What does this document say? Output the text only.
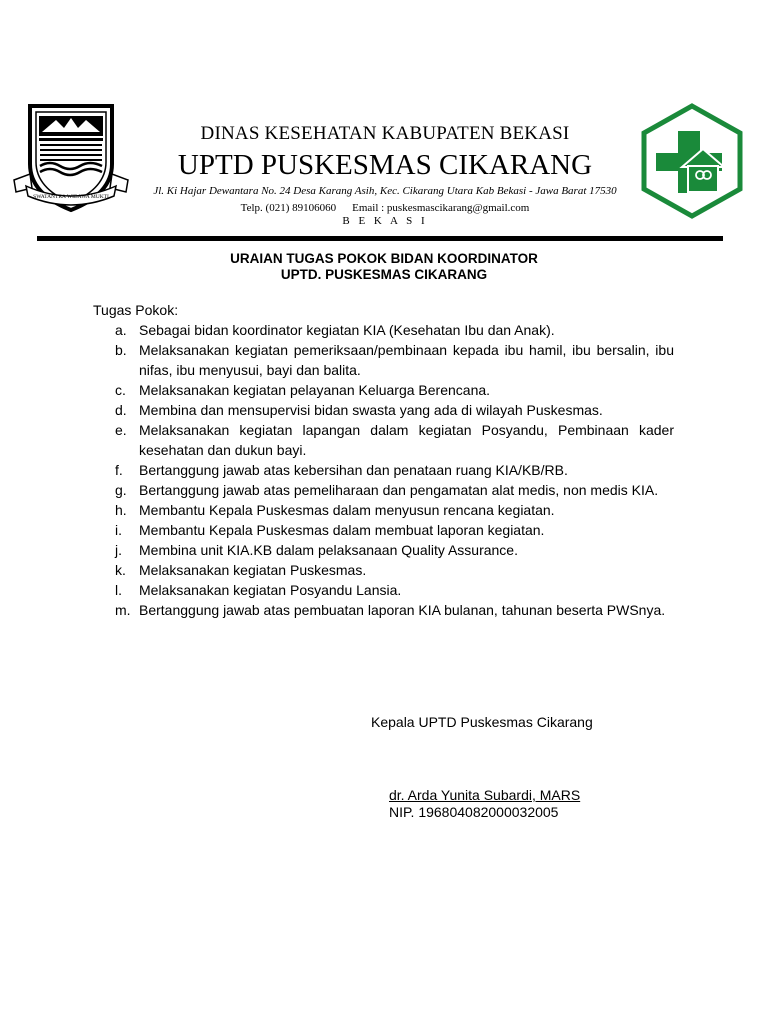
SWATANTRA WIBAWA MUKTI
DINAS KESEHATAN KABUPATEN BEKASI
UPTD PUSKESMAS CIKARANG
Jl. Ki Hajar Dewantara No. 24 Desa Karang Asih, Kec. Cikarang Utara Kab Bekasi - Jawa Barat 17530
Telp. (021) 89106060 Email : puskesmascikarang@gmail.com
B E K A S I
URAIAN TUGAS POKOK BIDAN KOORDINATOR
UPTD. PUSKESMAS CIKARANG
Tugas Pokok:
a. Sebagai bidan koordinator kegiatan KIA (Kesehatan Ibu dan Anak).
b. Melaksanakan kegiatan pemeriksaan/pembinaan kepada ibu hamil, ibu bersalin, ibu nifas, ibu menyusui, bayi dan balita.
c. Melaksanakan kegiatan pelayanan Keluarga Berencana.
d. Membina dan mensupervisi bidan swasta yang ada di wilayah Puskesmas.
e. Melaksanakan kegiatan lapangan dalam kegiatan Posyandu, Pembinaan kader kesehatan dan dukun bayi.
f. Bertanggung jawab atas kebersihan dan penataan ruang KIA/KB/RB.
g. Bertanggung jawab atas pemeliharaan dan pengamatan alat medis, non medis KIA.
h. Membantu Kepala Puskesmas dalam menyusun rencana kegiatan.
i. Membantu Kepala Puskesmas dalam membuat laporan kegiatan.
j. Membina unit KIA.KB dalam pelaksanaan Quality Assurance.
k. Melaksanakan kegiatan Puskesmas.
l. Melaksanakan kegiatan Posyandu Lansia.
m. Bertanggung jawab atas pembuatan laporan KIA bulanan, tahunan beserta PWSnya.
Kepala UPTD Puskesmas Cikarang
dr. Arda Yunita Subardi, MARS
NIP. 196804082000032005
